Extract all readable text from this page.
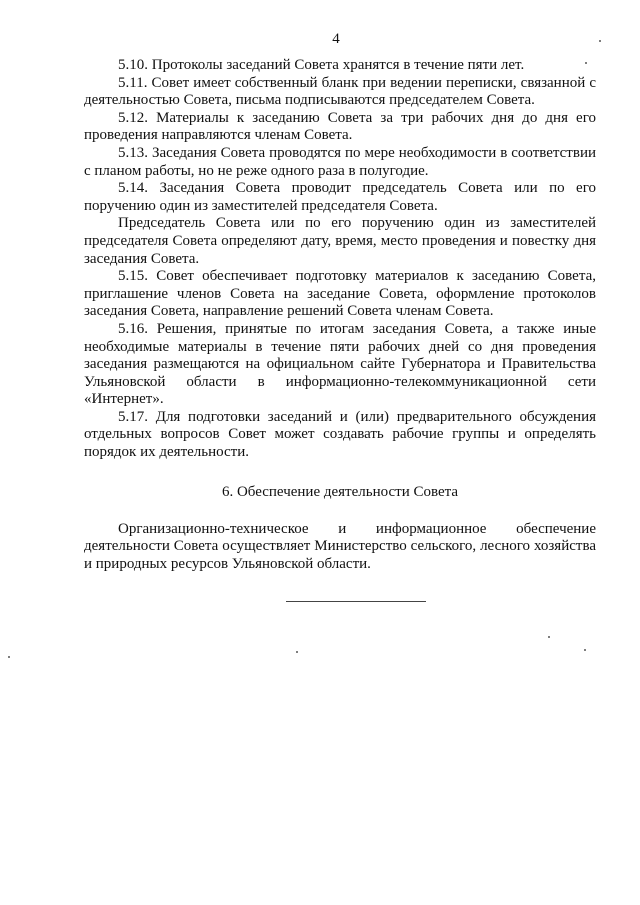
4

5.10. Протоколы заседаний Совета хранятся в течение пяти лет.

5.11. Совет имеет собственный бланк при ведении переписки, связанной с деятельностью Совета, письма подписываются председателем Совета.

5.12. Материалы к заседанию Совета за три рабочих дня до дня его проведения направляются членам Совета.

5.13. Заседания Совета проводятся по мере необходимости в соответствии с планом работы, но не реже одного раза в полугодие.

5.14. Заседания Совета проводит председатель Совета или по его поручению один из заместителей председателя Совета.

Председатель Совета или по его поручению один из заместителей председателя Совета определяют дату, время, место проведения и повестку дня заседания Совета.

5.15. Совет обеспечивает подготовку материалов к заседанию Совета, приглашение членов Совета на заседание Совета, оформление протоколов заседания Совета, направление решений Совета членам Совета.

5.16. Решения, принятые по итогам заседания Совета, а также иные необходимые материалы в течение пяти рабочих дней со дня проведения заседания размещаются на официальном сайте Губернатора и Правительства Ульяновской области в информационно-телекоммуникационной сети «Интернет».

5.17. Для подготовки заседаний и (или) предварительного обсуждения отдельных вопросов Совет может создавать рабочие группы и определять порядок их деятельности.

6. Обеспечение деятельности Совета

Организационно-техническое и информационное обеспечение деятельности Совета осуществляет Министерство сельского, лесного хозяйства и природных ресурсов Ульяновской области.
